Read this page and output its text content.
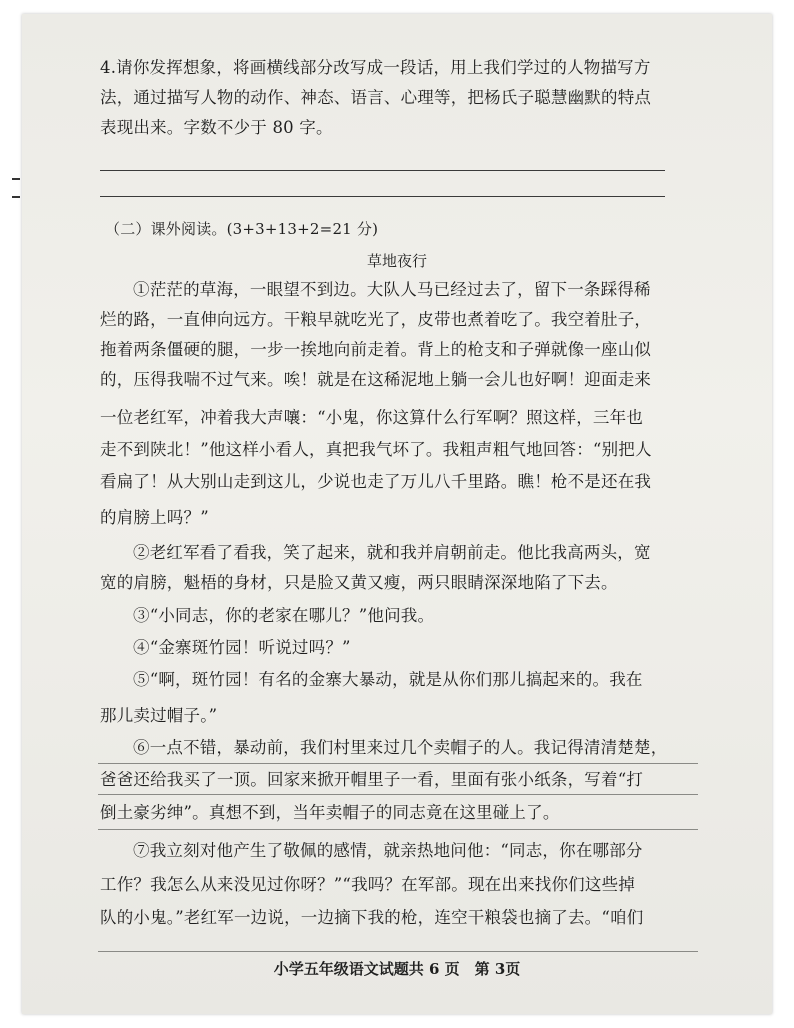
4.请你发挥想象，将画横线部分改写成一段话，用上我们学过的人物描写方
法，通过描写人物的动作、神态、语言、心理等，把杨氏子聪慧幽默的特点
表现出来。字数不少于 80 字。
（二）课外阅读。(3+3+13+2=21 分)
草地夜行
①茫茫的草海，一眼望不到边。大队人马已经过去了，留下一条踩得稀
烂的路，一直伸向远方。干粮早就吃光了，皮带也煮着吃了。我空着肚子，
拖着两条僵硬的腿，一步一挨地向前走着。背上的枪支和子弹就像一座山似
的，压得我喘不过气来。唉！就是在这稀泥地上躺一会儿也好啊！迎面走来
一位老红军，冲着我大声嚷：“小鬼，你这算什么行军啊？照这样，三年也
走不到陕北！”他这样小看人，真把我气坏了。我粗声粗气地回答：“别把人
看扁了！从大别山走到这儿，少说也走了万儿八千里路。瞧！枪不是还在我
的肩膀上吗？”
②老红军看了看我，笑了起来，就和我并肩朝前走。他比我高两头，宽
宽的肩膀，魁梧的身材，只是脸又黄又瘦，两只眼睛深深地陷了下去。
③“小同志，你的老家在哪儿？”他问我。
④“金寨斑竹园！听说过吗？”
⑤“啊，斑竹园！有名的金寨大暴动，就是从你们那儿搞起来的。我在
那儿卖过帽子。”
⑥一点不错，暴动前，我们村里来过几个卖帽子的人。我记得清清楚楚，
爸爸还给我买了一顶。回家来掀开帽里子一看，里面有张小纸条，写着“打
倒土豪劣绅”。真想不到，当年卖帽子的同志竟在这里碰上了。
⑦我立刻对他产生了敬佩的感情，就亲热地问他：“同志，你在哪部分
工作？我怎么从来没见过你呀？”“我吗？在军部。现在出来找你们这些掉
队的小鬼。”老红军一边说，一边摘下我的枪，连空干粮袋也摘了去。“咱们
小学五年级语文试题共 6 页　第 3页
